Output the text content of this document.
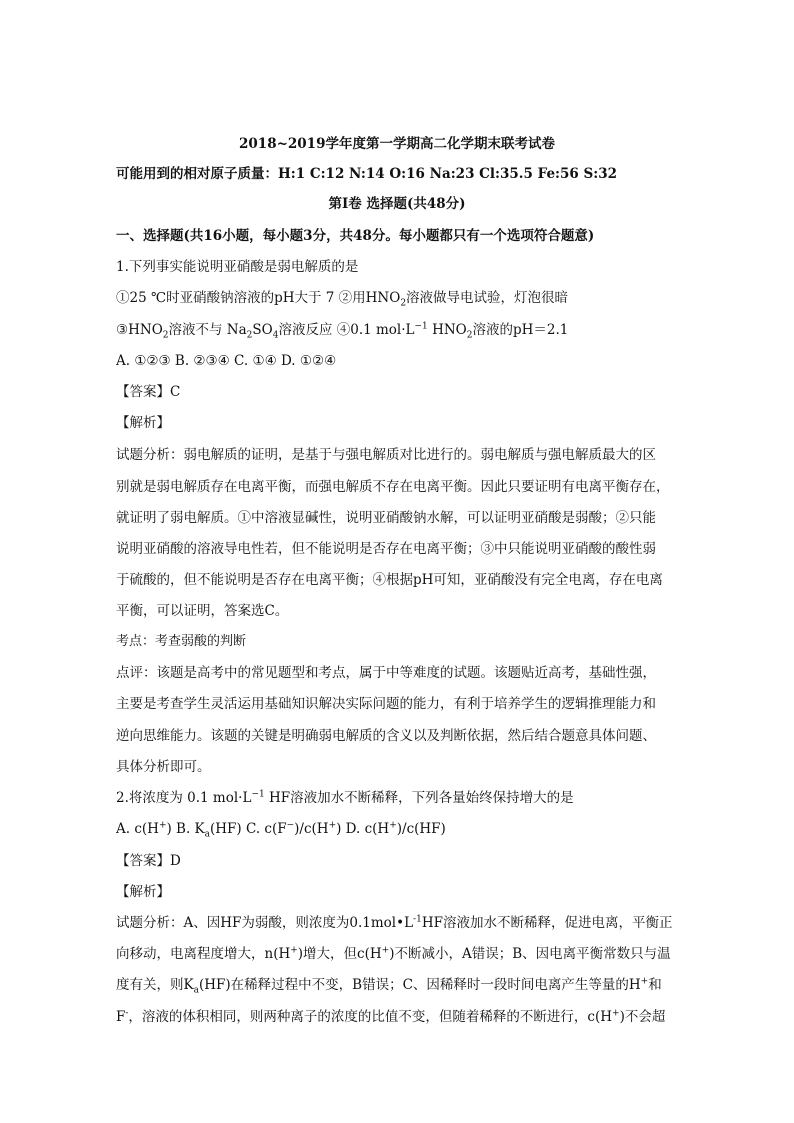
2018~2019学年度第一学期高二化学期末联考试卷
可能用到的相对原子质量：H:1 C:12 N:14 O:16 Na:23 Cl:35.5 Fe:56 S:32
第Ⅰ卷 选择题(共48分)
一、选择题(共16小题，每小题3分，共48分。每小题都只有一个选项符合题意)
1.下列事实能说明亚硝酸是弱电解质的是
①25 ℃时亚硝酸钠溶液的pH大于 7 ②用$HNO_2$溶液做导电试验，灯泡很暗
$③HNO_2$溶液不与 $Na_2SO_4$溶液反应 ④0.1 $mol\cdot L^{-1}$ $HNO_2$溶液的pH＝2.1
A. ①②③ B. ②③④ C. ①④ D. ①②④
【答案】C
【解析】
试题分析：弱电解质的证明，是基于与强电解质对比进行的。弱电解质与强电解质最大的区
别就是弱电解质存在电离平衡，而强电解质不存在电离平衡。因此只要证明有电离平衡存在，
就证明了弱电解质。①中溶液显碱性，说明亚硝酸钠水解，可以证明亚硝酸是弱酸；②只能
说明亚硝酸的溶液导电性若，但不能说明是否存在电离平衡；③中只能说明亚硝酸的酸性弱
于硫酸的，但不能说明是否存在电离平衡；④根据pH可知，亚硝酸没有完全电离，存在电离
平衡，可以证明，答案选C。
考点：考查弱酸的判断
点评：该题是高考中的常见题型和考点，属于中等难度的试题。该题贴近高考，基础性强，
主要是考查学生灵活运用基础知识解决实际问题的能力，有利于培养学生的逻辑推理能力和
逆向思维能力。该题的关键是明确弱电解质的含义以及判断依据，然后结合题意具体问题、
具体分析即可。
2.将浓度为 0.1 $mol\cdot L^{-1}$ HF溶液加水不断稀释，下列各量始终保持增大的是
A. c(H+) B. $K_a(HF)$ C. c(F−)/c(H+) D. c(H+)/c(HF)
【答案】D
【解析】
试题分析：A、因HF为弱酸，则浓度为$0.1mol•L^{-1}HF$溶液加水不断稀释，促进电离，平衡正
向移动，电离程度增大，n(H+)增大，但c(H+)不断减小，A错误；B、因电离平衡常数只与温
度有关，则$K_a(HF)$在稀释过程中不变，B错误；C、因稀释时一段时间电离产生等量的H+和
F-，溶液的体积相同，则两种离子的浓度的比值不变，但随着稀释的不断进行，c(H+)不会超
